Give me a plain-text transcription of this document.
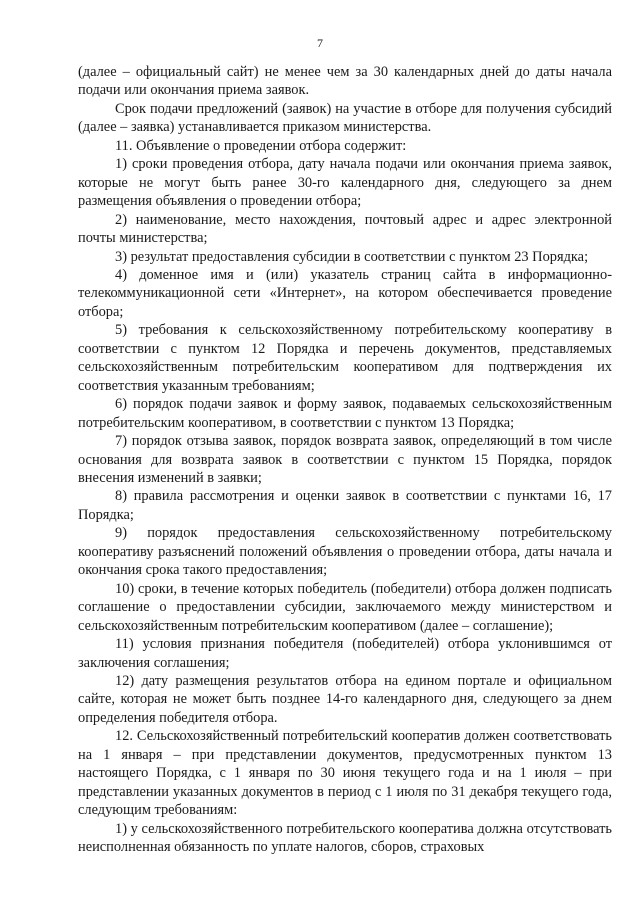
7

(далее – официальный сайт) не менее чем за 30 календарных дней до даты начала подачи или окончания приема заявок.

Срок подачи предложений (заявок) на участие в отборе для получения субсидий (далее – заявка) устанавливается приказом министерства.

11. Объявление о проведении отбора содержит:

1) сроки проведения отбора, дату начала подачи или окончания приема заявок, которые не могут быть ранее 30-го календарного дня, следующего за днем размещения объявления о проведении отбора;

2) наименование, место нахождения, почтовый адрес и адрес электронной почты министерства;

3) результат предоставления субсидии в соответствии с пунктом 23 Порядка;

4) доменное имя и (или) указатель страниц сайта в информационно-телекоммуникационной сети «Интернет», на котором обеспечивается проведение отбора;

5) требования к сельскохозяйственному потребительскому кооперативу в соответствии с пунктом 12 Порядка и перечень документов, представляемых сельскохозяйственным потребительским кооперативом для подтверждения их соответствия указанным требованиям;

6) порядок подачи заявок и форму заявок, подаваемых сельскохозяйственным потребительским кооперативом, в соответствии с пунктом 13 Порядка;

7) порядок отзыва заявок, порядок возврата заявок, определяющий в том числе основания для возврата заявок в соответствии с пунктом 15 Порядка, порядок внесения изменений в заявки;

8) правила рассмотрения и оценки заявок в соответствии с пунктами 16, 17 Порядка;

9) порядок предоставления сельскохозяйственному потребительскому кооперативу разъяснений положений объявления о проведении отбора, даты начала и окончания срока такого предоставления;

10) сроки, в течение которых победитель (победители) отбора должен подписать соглашение о предоставлении субсидии, заключаемого между министерством и сельскохозяйственным потребительским кооперативом (далее – соглашение);

11) условия признания победителя (победителей) отбора уклонившимся от заключения соглашения;

12) дату размещения результатов отбора на едином портале и официальном сайте, которая не может быть позднее 14-го календарного дня, следующего за днем определения победителя отбора.

12. Сельскохозяйственный потребительский кооператив должен соответствовать на 1 января – при представлении документов, предусмотренных пунктом 13 настоящего Порядка, с 1 января по 30 июня текущего года и на 1 июля – при представлении указанных документов в период с 1 июля по 31 декабря текущего года, следующим требованиям:

1) у сельскохозяйственного потребительского кооператива должна отсутствовать неисполненная обязанность по уплате налогов, сборов, страховых
